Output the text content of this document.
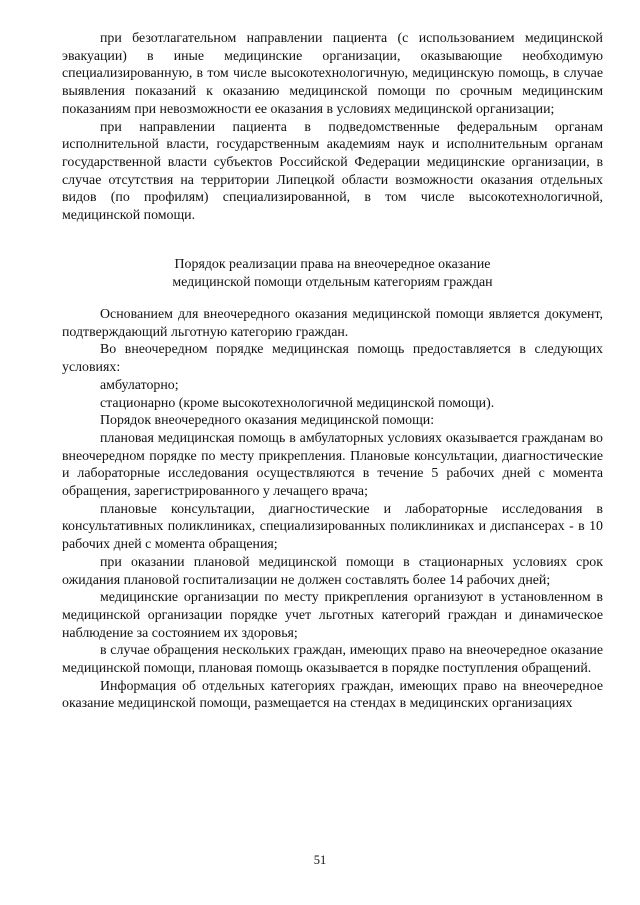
при безотлагательном направлении пациента (с использованием медицинской эвакуации) в иные медицинские организации, оказывающие необходимую специализированную, в том числе высокотехнологичную, медицинскую помощь, в случае выявления показаний к оказанию медицинской помощи по срочным медицинским показаниям при невозможности ее оказания в условиях медицинской организации;

при направлении пациента в подведомственные федеральным органам исполнительной власти, государственным академиям наук и исполнительным органам государственной власти субъектов Российской Федерации медицинские организации, в случае отсутствия на территории Липецкой области возможности оказания отдельных видов (по профилям) специализированной, в том числе высокотехнологичной, медицинской помощи.

Порядок реализации права на внеочередное оказание
медицинской помощи отдельным категориям граждан

Основанием для внеочередного оказания медицинской помощи является документ, подтверждающий льготную категорию граждан.

Во внеочередном порядке медицинская помощь предоставляется в следующих условиях:

амбулаторно;

стационарно (кроме высокотехнологичной медицинской помощи).

Порядок внеочередного оказания медицинской помощи:

плановая медицинская помощь в амбулаторных условиях оказывается гражданам во внеочередном порядке по месту прикрепления. Плановые консультации, диагностические и лабораторные исследования осуществляются в течение 5 рабочих дней с момента обращения, зарегистрированного у лечащего врача;

плановые консультации, диагностические и лабораторные исследования в консультативных поликлиниках, специализированных поликлиниках и диспансерах - в 10 рабочих дней с момента обращения;

при оказании плановой медицинской помощи в стационарных условиях срок ожидания плановой госпитализации не должен составлять более 14 рабочих дней;

медицинские организации по месту прикрепления организуют в установленном в медицинской организации порядке учет льготных категорий граждан и динамическое наблюдение за состоянием их здоровья;

в случае обращения нескольких граждан, имеющих право на внеочередное оказание медицинской помощи, плановая помощь оказывается в порядке поступления обращений.

Информация об отдельных категориях граждан, имеющих право на внеочередное оказание медицинской помощи, размещается на стендах в медицинских организациях

51
